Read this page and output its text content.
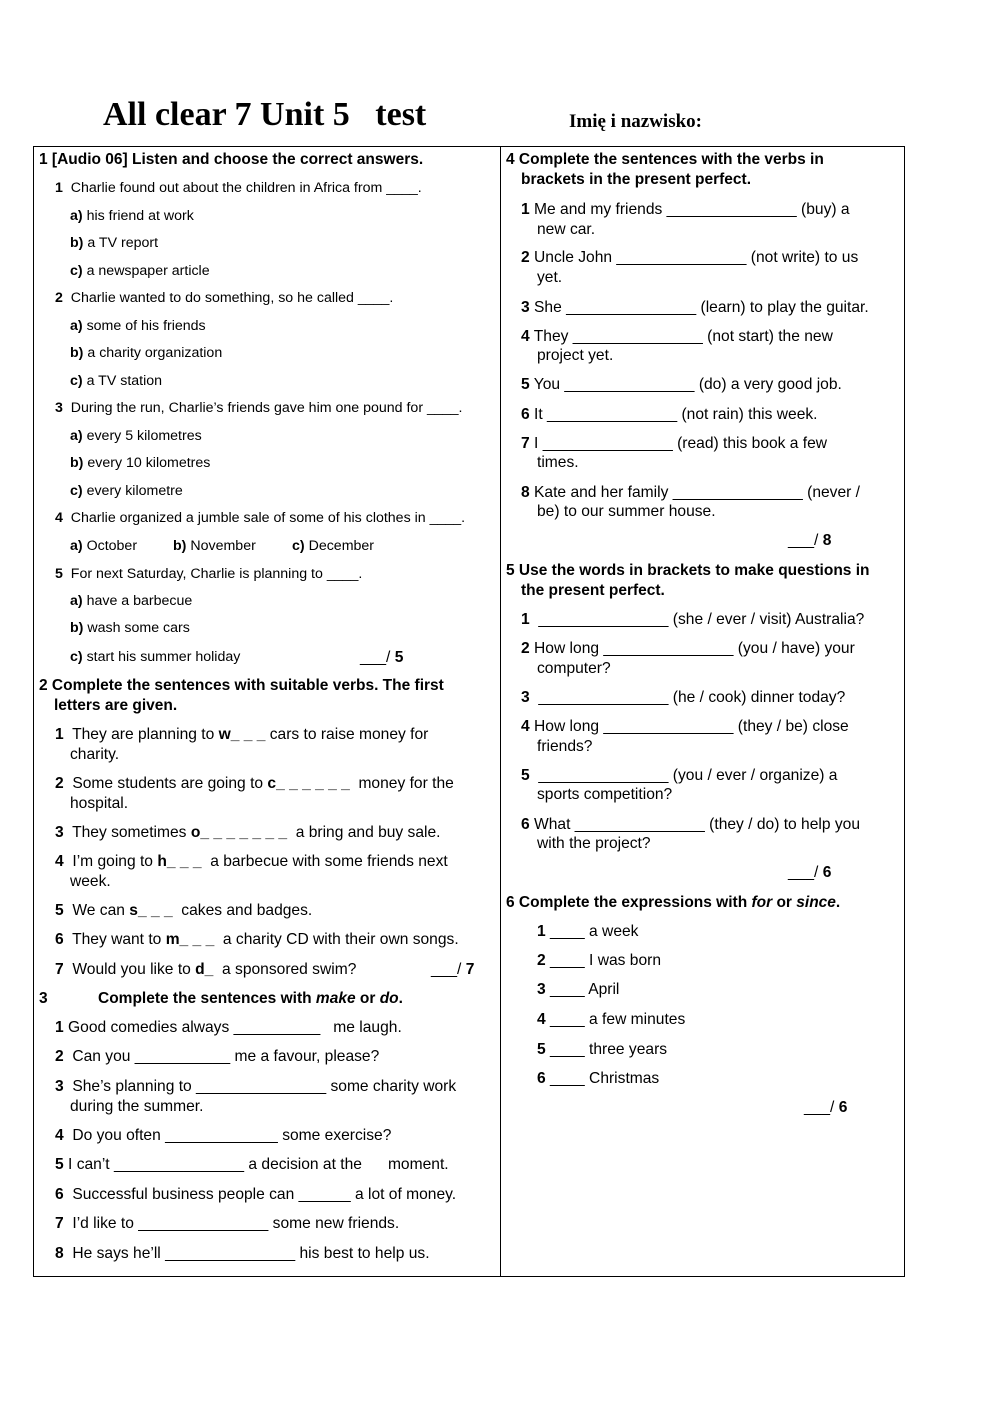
All clear 7 Unit 5   test	Imię i nazwisko:
1 [Audio 06] Listen and choose the correct answers.
1 Charlie found out about the children in Africa from ____.
a) his friend at work
b) a TV report
c) a newspaper article
2 Charlie wanted to do something, so he called ____.
a) some of his friends
b) a charity organization
c) a TV station
3 During the run, Charlie’s friends gave him one pound for ____.
a) every 5 kilometres
b) every 10 kilometres
c) every kilometre
4 Charlie organized a jumble sale of some of his clothes in ____.
a) October	b) November	c) December
5 For next Saturday, Charlie is planning to ____.
a) have a barbecue
b) wash some cars
c) start his summer holiday	___/ 5
2 Complete the sentences with suitable verbs. The first
letters are given.
1 They are planning to w_ _ _ cars to raise money for
charity.
2 Some students are going to c_ _ _ _ _ _  money for the
hospital.
3 They sometimes o_ _ _ _ _ _ _  a bring and buy sale.
4 I’m going to h_ _ _  a barbecue with some friends next
week.
5 We can s_ _ _  cakes and badges.
6 They want to m_ _ _  a charity CD with their own songs.
7 Would you like to d_  a sponsored swim?	___/ 7
3	Complete the sentences with make or do.
1 Good comedies always __________   me laugh.
2 Can you ___________ me a favour, please?
3 She’s planning to _______________ some charity work
during the summer.
4 Do you often _____________ some exercise?
5 I can’t _______________ a decision at the      moment.
6 Successful business people can ______ a lot of money.
7 I’d like to _______________ some new friends.
8 He says he’ll _______________ his best to help us.
4 Complete the sentences with the verbs in
brackets in the present perfect.
1 Me and my friends _______________ (buy) a
new car.
2 Uncle John _______________ (not write) to us
yet.
3 She _______________ (learn) to play the guitar.
4 They _______________ (not start) the new
project yet.
5 You _______________ (do) a very good job.
6 It _______________ (not rain) this week.
7 I _______________ (read) this book a few
times.
8 Kate and her family _______________ (never /
be) to our summer house.
___/ 8
5 Use the words in brackets to make questions in
the present perfect.
1 _______________ (she / ever / visit) Australia?
2 How long _______________ (you / have) your
computer?
3 _______________ (he / cook) dinner today?
4 How long _______________ (they / be) close
friends?
5 _______________ (you / ever / organize) a
sports competition?
6 What _______________ (they / do) to help you
with the project?
___/ 6
6 Complete the expressions with for or since.
1 ____ a week
2 ____ I was born
3 ____ April
4 ____ a few minutes
5 ____ three years
6 ____ Christmas
___/ 6
